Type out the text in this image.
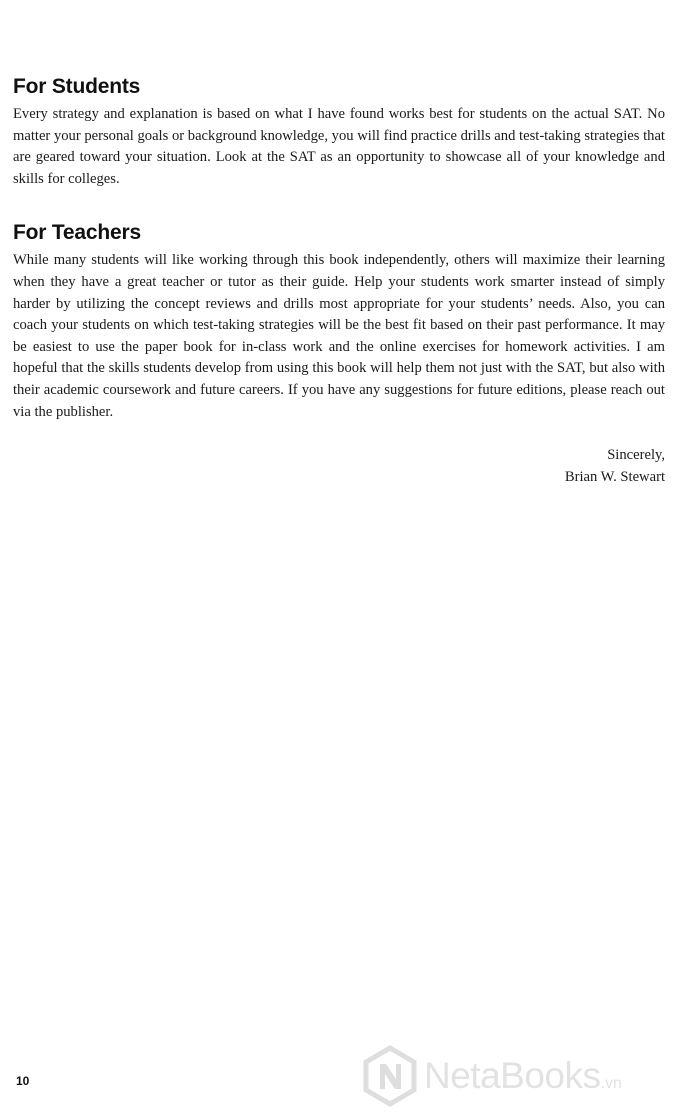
For Students

Every strategy and explanation is based on what I have found works best for students on the actual SAT. No matter your personal goals or background knowledge, you will find practice drills and test-taking strategies that are geared toward your situation. Look at the SAT as an opportunity to showcase all of your knowledge and skills for colleges.

For Teachers

While many students will like working through this book independently, others will maximize their learning when they have a great teacher or tutor as their guide. Help your students work smarter instead of simply harder by utilizing the concept reviews and drills most appropriate for your students’ needs. Also, you can coach your students on which test-taking strategies will be the best fit based on their past performance. It may be easiest to use the paper book for in-class work and the online exercises for homework activities. I am hopeful that the skills students develop from using this book will help them not just with the SAT, but also with their academic coursework and future careers. If you have any suggestions for future editions, please reach out via the publisher.

Sincerely,
Brian W. Stewart
10	NetaBooks.vn
